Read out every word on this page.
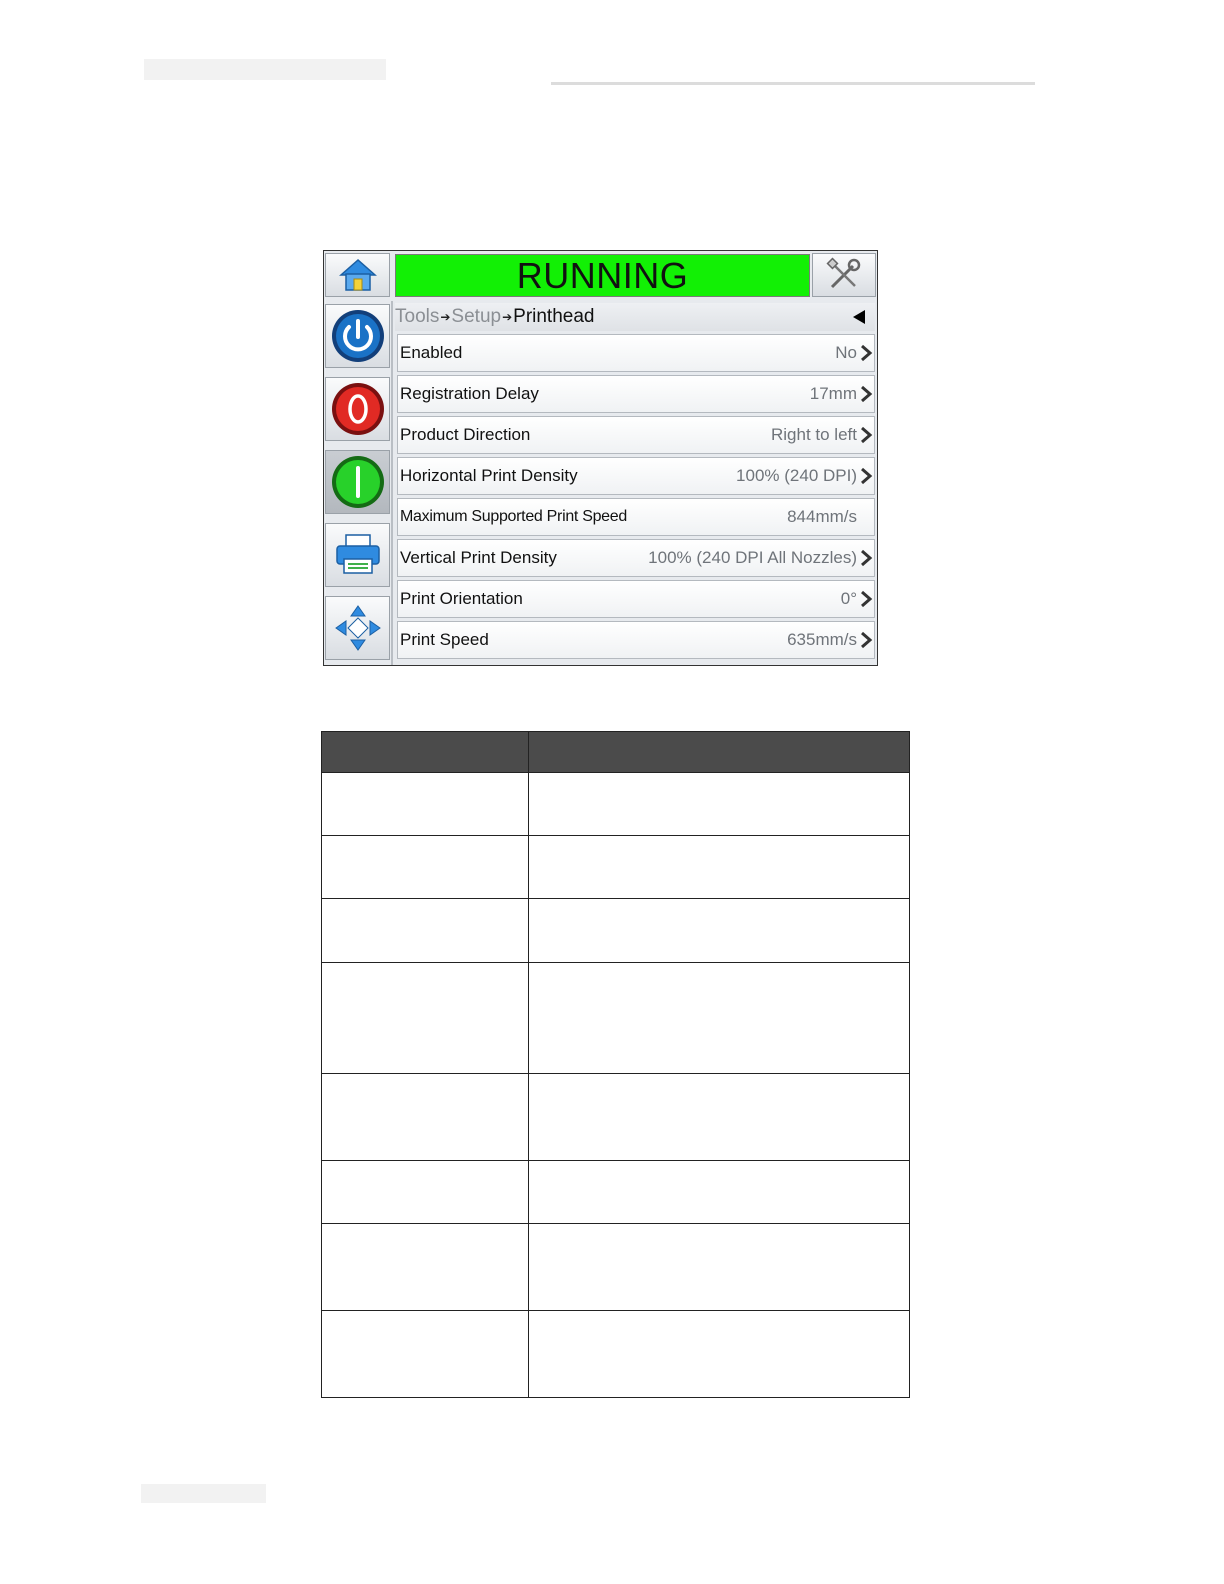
RUNNING
Tools ➔ Setup ➔ Printhead
Enabled	No
Registration Delay	17mm
Product Direction	Right to left
Horizontal Print Density	100% (240 DPI)
Maximum Supported Print Speed	844mm/s
Vertical Print Density	100% (240 DPI All Nozzles)
Print Orientation	0°
Print Speed	635mm/s
